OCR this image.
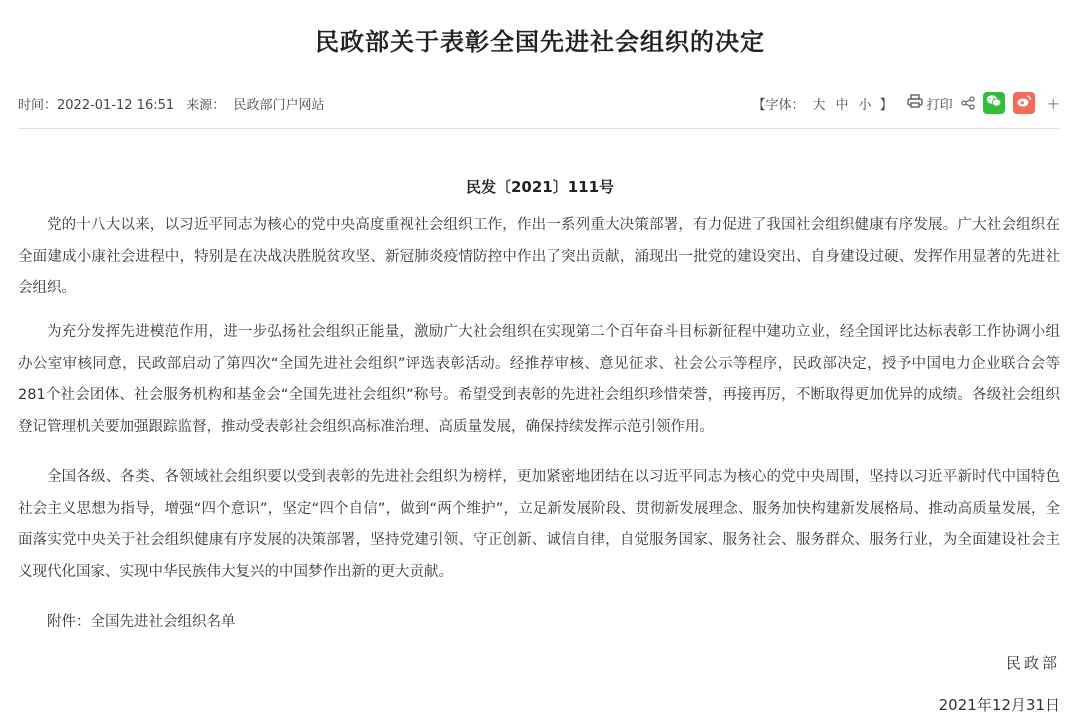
民政部关于表彰全国先进社会组织的决定
时间：2022-01-12 16:51 来源： 民政部门户网站	【字体： 大 中 小 】	打印	+
民发〔2021〕111号

党的十八大以来，以习近平同志为核心的党中央高度重视社会组织工作，作出一系列重大决策部署，有力促进了我国社会组织健康有序发展。广大社会组织在全面建成小康社会进程中，特别是在决战决胜脱贫攻坚、新冠肺炎疫情防控中作出了突出贡献，涌现出一批党的建设突出、自身建设过硬、发挥作用显著的先进社会组织。

为充分发挥先进模范作用，进一步弘扬社会组织正能量，激励广大社会组织在实现第二个百年奋斗目标新征程中建功立业，经全国评比达标表彰工作协调小组办公室审核同意，民政部启动了第四次“全国先进社会组织”评选表彰活动。经推荐审核、意见征求、社会公示等程序，民政部决定，授予中国电力企业联合会等281个社会团体、社会服务机构和基金会“全国先进社会组织”称号。希望受到表彰的先进社会组织珍惜荣誉，再接再厉，不断取得更加优异的成绩。各级社会组织登记管理机关要加强跟踪监督，推动受表彰社会组织高标准治理、高质量发展，确保持续发挥示范引领作用。

全国各级、各类、各领域社会组织要以受到表彰的先进社会组织为榜样，更加紧密地团结在以习近平同志为核心的党中央周围，坚持以习近平新时代中国特色社会主义思想为指导，增强“四个意识”，坚定“四个自信”，做到“两个维护”，立足新发展阶段、贯彻新发展理念、服务加快构建新发展格局、推动高质量发展，全面落实党中央关于社会组织健康有序发展的决策部署，坚持党建引领、守正创新、诚信自律，自觉服务国家、服务社会、服务群众、服务行业，为全面建设社会主义现代化国家、实现中华民族伟大复兴的中国梦作出新的更大贡献。

附件：全国先进社会组织名单

民政部
2021年12月31日
